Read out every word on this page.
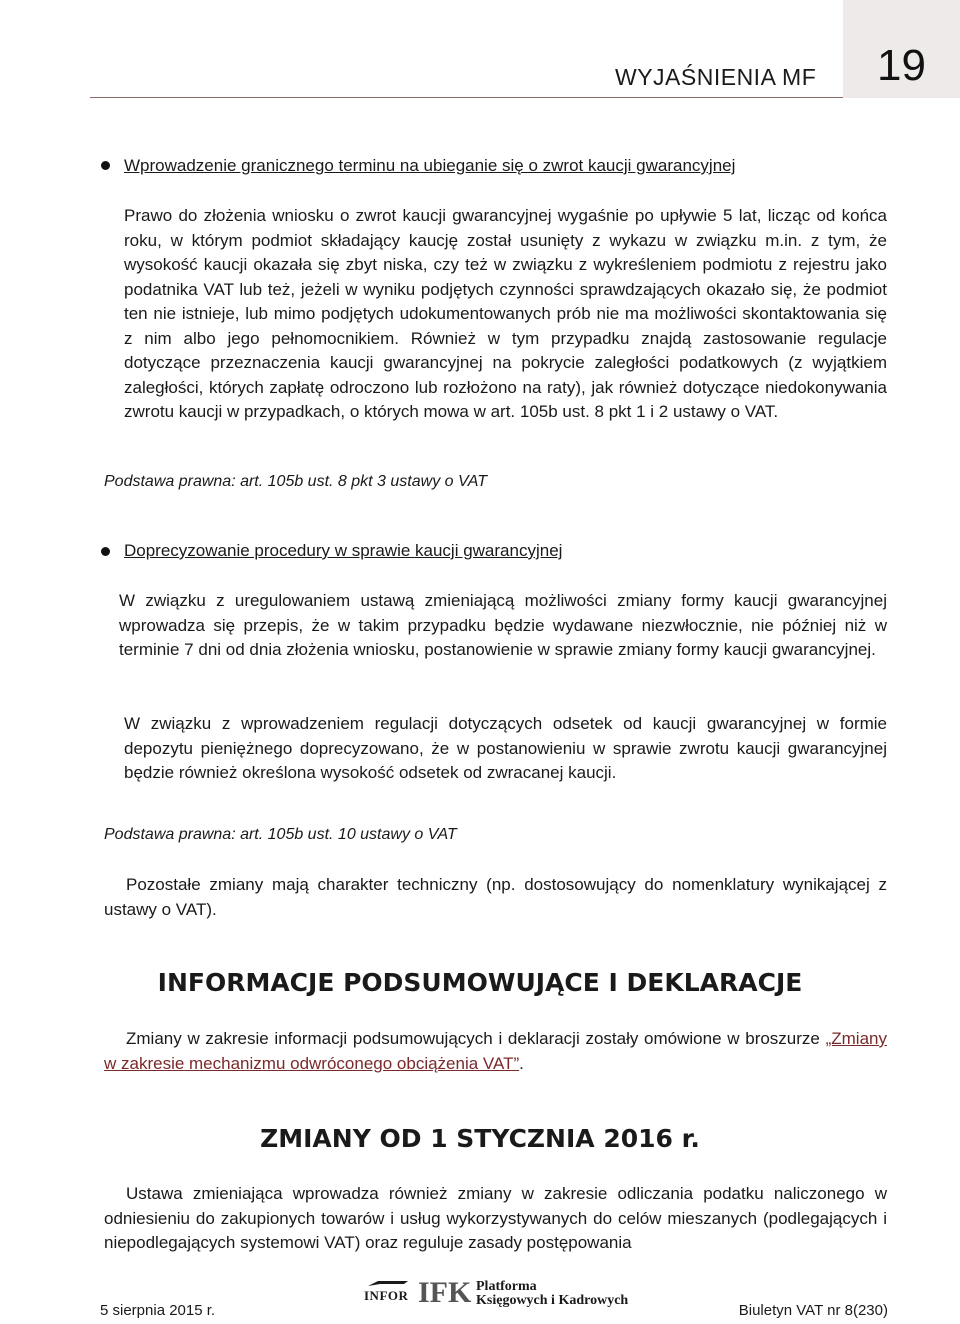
19
WYJAŚNIENIA MF
Wprowadzenie granicznego terminu na ubieganie się o zwrot kaucji gwarancyjnej

Prawo do złożenia wniosku o zwrot kaucji gwarancyjnej wygaśnie po upływie 5 lat, licząc od końca roku, w którym podmiot składający kaucję został usunięty z wykazu w związku m.in. z tym, że wysokość kaucji okazała się zbyt niska, czy też w związku z wykreśleniem podmiotu z rejestru jako podatnika VAT lub też, jeżeli w wyniku podjętych czynności sprawdzających okazało się, że podmiot ten nie istnieje, lub mimo podjętych udokumentowanych prób nie ma możliwości skontaktowania się z nim albo jego pełnomocnikiem. Również w tym przypadku znajdą zastosowanie regulacje dotyczące przeznaczenia kaucji gwarancyjnej na pokrycie zaległości podatkowych (z wyjątkiem zaległości, których zapłatę odroczono lub rozłożono na raty), jak również dotyczące niedokonywania zwrotu kaucji w przypadkach, o których mowa w art. 105b ust. 8 pkt 1 i 2 ustawy o VAT.

Podstawa prawna: art. 105b ust. 8 pkt 3 ustawy o VAT
Doprecyzowanie procedury w sprawie kaucji gwarancyjnej

W związku z uregulowaniem ustawą zmieniającą możliwości zmiany formy kaucji gwarancyjnej wprowadza się przepis, że w takim przypadku będzie wydawane niezwłocznie, nie później niż w terminie 7 dni od dnia złożenia wniosku, postanowienie w sprawie zmiany formy kaucji gwarancyjnej.

W związku z wprowadzeniem regulacji dotyczących odsetek od kaucji gwarancyjnej w formie depozytu pieniężnego doprecyzowano, że w postanowieniu w sprawie zwrotu kaucji gwarancyjnej będzie również określona wysokość odsetek od zwracanej kaucji.

Podstawa prawna: art. 105b ust. 10 ustawy o VAT

Pozostałe zmiany mają charakter techniczny (np. dostosowujący do nomenklatury wynikającej z ustawy o VAT).

INFORMACJE PODSUMOWUJĄCE I DEKLARACJE

Zmiany w zakresie informacji podsumowujących i deklaracji zostały omówione w broszurze „Zmiany w zakresie mechanizmu odwróconego obciążenia VAT”.

ZMIANY OD 1 STYCZNIA 2016 r.

Ustawa zmieniająca wprowadza również zmiany w zakresie odliczania podatku naliczonego w odniesieniu do zakupionych towarów i usług wykorzystywanych do celów mieszanych (podlegających i niepodlegających systemowi VAT) oraz reguluje zasady postępowania

INFOR IFK Platforma
Księgowych i Kadrowych
5 sierpnia 2015 r.	Biuletyn VAT nr 8(230)
